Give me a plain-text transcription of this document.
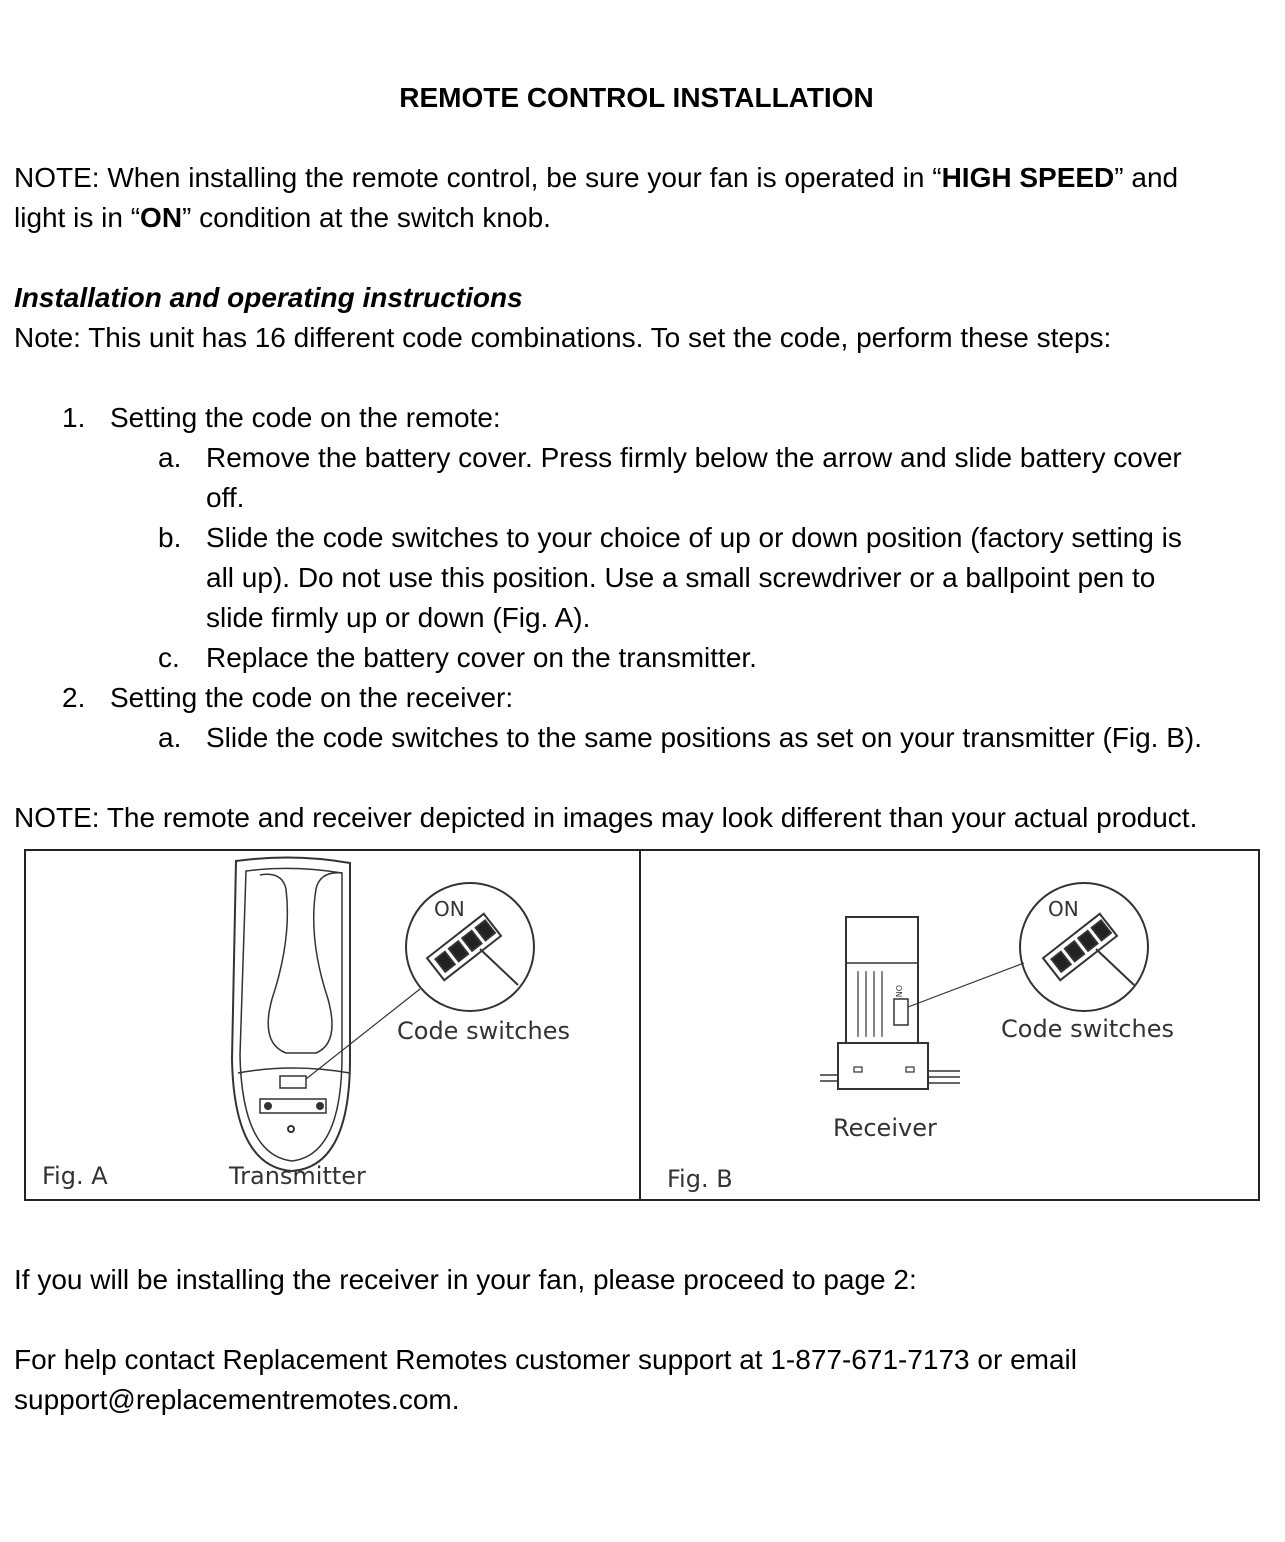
REMOTE CONTROL INSTALLATION
NOTE: When installing the remote control, be sure your fan is operated in “HIGH SPEED” and
light is in “ON” condition at the switch knob.
Installation and operating instructions
Note: This unit has 16 different code combinations. To set the code, perform these steps:
1. Setting the code on the remote:
a. Remove the battery cover. Press firmly below the arrow and slide battery cover
off.
b. Slide the code switches to your choice of up or down position (factory setting is
all up). Do not use this position. Use a small screwdriver or a ballpoint pen to
slide firmly up or down (Fig. A).
c. Replace the battery cover on the transmitter.
2. Setting the code on the receiver:
a. Slide the code switches to the same positions as set on your transmitter (Fig. B).
NOTE: The remote and receiver depicted in images may look different than your actual product.
ON
Code switches
Transmitter
Fig. A
ON
ON
Code switches
Receiver
Fig. B
If you will be installing the receiver in your fan, please proceed to page 2:
For help contact Replacement Remotes customer support at 1-877-671-7173 or email
support@replacementremotes.com.
